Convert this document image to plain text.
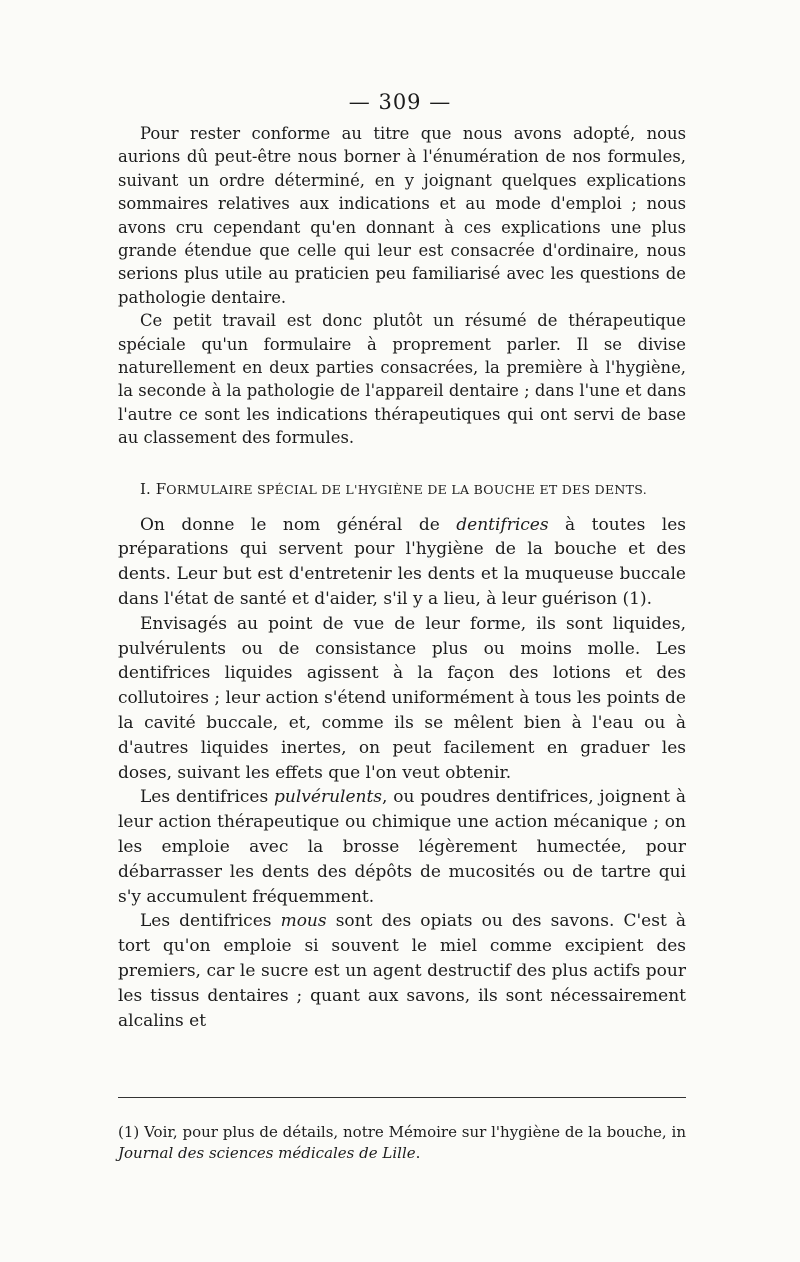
— 309 —

Pour rester conforme au titre que nous avons adopté, nous aurions dû peut-être nous borner à l'énumération de nos formules, suivant un ordre déterminé, en y joignant quelques explications sommaires relatives aux indications et au mode d'emploi ; nous avons cru cependant qu'en donnant à ces explications une plus grande étendue que celle qui leur est consacrée d'ordinaire, nous serions plus utile au praticien peu familiarisé avec les questions de pathologie dentaire.

Ce petit travail est donc plutôt un résumé de thérapeutique spéciale qu'un formulaire à proprement parler. Il se divise naturellement en deux parties consacrées, la première à l'hygiène, la seconde à la pathologie de l'appareil dentaire ; dans l'une et dans l'autre ce sont les indications thérapeutiques qui ont servi de base au classement des formules.

I. FORMULAIRE SPÉCIAL DE L'HYGIÈNE DE LA BOUCHE ET DES DENTS.

On donne le nom général de dentifrices à toutes les préparations qui servent pour l'hygiène de la bouche et des dents. Leur but est d'entretenir les dents et la muqueuse buccale dans l'état de santé et d'aider, s'il y a lieu, à leur guérison (1).

Envisagés au point de vue de leur forme, ils sont liquides, pulvérulents ou de consistance plus ou moins molle. Les dentifrices liquides agissent à la façon des lotions et des collutoires ; leur action s'étend uniformément à tous les points de la cavité buccale, et, comme ils se mêlent bien à l'eau ou à d'autres liquides inertes, on peut facilement en graduer les doses, suivant les effets que l'on veut obtenir.

Les dentifrices pulvérulents, ou poudres dentifrices, joignent à leur action thérapeutique ou chimique une action mécanique ; on les emploie avec la brosse légèrement humectée, pour débarrasser les dents des dépôts de mucosités ou de tartre qui s'y accumulent fréquemment.

Les dentifrices mous sont des opiats ou des savons. C'est à tort qu'on emploie si souvent le miel comme excipient des premiers, car le sucre est un agent destructif des plus actifs pour les tissus dentaires ; quant aux savons, ils sont nécessairement alcalins et

(1) Voir, pour plus de détails, notre Mémoire sur l'hygiène de la bouche, in Journal des sciences médicales de Lille.
